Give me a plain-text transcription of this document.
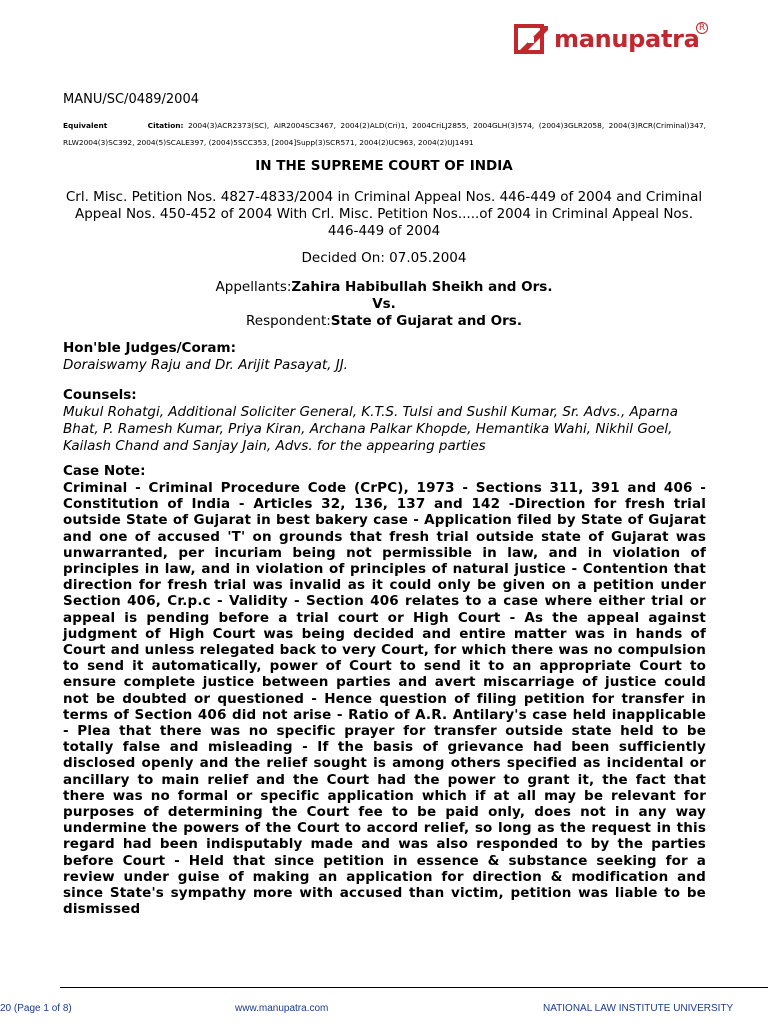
manupatra R
MANU/SC/0489/2004
Equivalent	Citation: 2004(3)ACR2373(SC), AIR2004SC3467, 2004(2)ALD(Cri)1, 2004CriLJ2855, 2004GLH(3)574, (2004)3GLR2058, 2004(3)RCR(Criminal)347, RLW2004(3)SC392, 2004(5)SCALE397, (2004)5SCC353, [2004]Supp(3)SCR571, 2004(2)UC963, 2004(2)UJ1491
IN THE SUPREME COURT OF INDIA
Crl. Misc. Petition Nos. 4827-4833/2004 in Criminal Appeal Nos. 446-449 of 2004 and Criminal Appeal Nos. 450-452 of 2004 With Crl. Misc. Petition Nos.....of 2004 in Criminal Appeal Nos. 446-449 of 2004
Decided On: 07.05.2004
Appellants:Zahira Habibullah Sheikh and Ors.
Vs.
Respondent:State of Gujarat and Ors.
Hon'ble Judges/Coram:
Doraiswamy Raju and Dr. Arijit Pasayat, JJ.
Counsels:
Mukul Rohatgi, Additional Soliciter General, K.T.S. Tulsi and Sushil Kumar, Sr. Advs., Aparna Bhat, P. Ramesh Kumar, Priya Kiran, Archana Palkar Khopde, Hemantika Wahi, Nikhil Goel, Kailash Chand and Sanjay Jain, Advs. for the appearing parties
Case Note:
Criminal - Criminal Procedure Code (CrPC), 1973 - Sections 311, 391 and 406 - Constitution of India - Articles 32, 136, 137 and 142 -Direction for fresh trial outside State of Gujarat in best bakery case - Application filed by State of Gujarat and one of accused 'T' on grounds that fresh trial outside state of Gujarat was unwarranted, per incuriam being not permissible in law, and in violation of principles in law, and in violation of principles of natural justice - Contention that direction for fresh trial was invalid as it could only be given on a petition under Section 406, Cr.p.c - Validity - Section 406 relates to a case where either trial or appeal is pending before a trial court or High Court - As the appeal against judgment of High Court was being decided and entire matter was in hands of Court and unless relegated back to very Court, for which there was no compulsion to send it automatically, power of Court to send it to an appropriate Court to ensure complete justice between parties and avert miscarriage of justice could not be doubted or questioned - Hence question of filing petition for transfer in terms of Section 406 did not arise - Ratio of A.R. Antilary's case held inapplicable - Plea that there was no specific prayer for transfer outside state held to be totally false and misleading - If the basis of grievance had been sufficiently disclosed openly and the relief sought is among others specified as incidental or ancillary to main relief and the Court had the power to grant it, the fact that there was no formal or specific application which if at all may be relevant for purposes of determining the Court fee to be paid only, does not in any way undermine the powers of the Court to accord relief, so long as the request in this regard had been indisputably made and was also responded to by the parties before Court - Held that since petition in essence & substance seeking for a review under guise of making an application for direction & modification and since State's sympathy more with accused than victim, petition was liable to be dismissed
20 (Page 1 of 8)	www.manupatra.com	NATIONAL LAW INSTITUTE UNIVERSITY
